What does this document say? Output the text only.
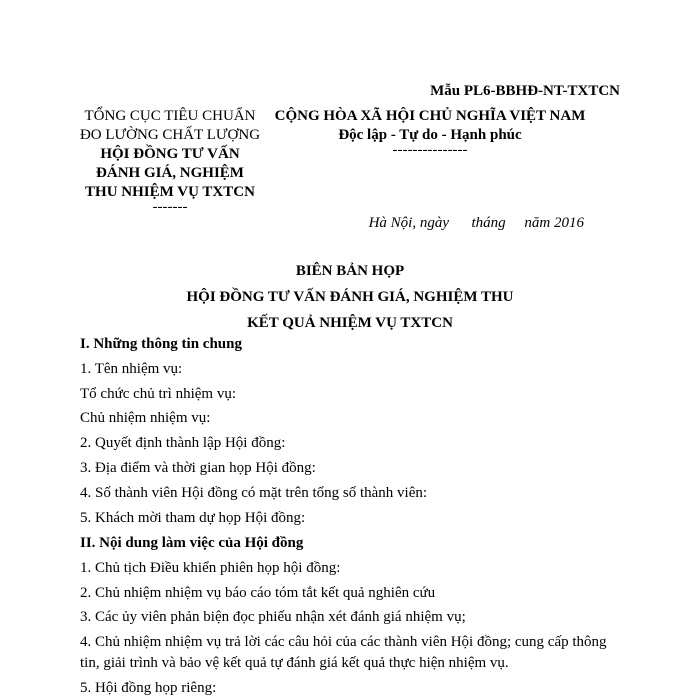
Mẫu PL6-BBHĐ-NT-TXTCN
TỔNG CỤC TIÊU CHUẨN
ĐO LƯỜNG CHẤT LƯỢNG
HỘI ĐỒNG TƯ VẤN
ĐÁNH GIÁ, NGHIỆM
THU NHIỆM VỤ TXTCN
-------
CỘNG HÒA XÃ HỘI CHỦ NGHĨA VIỆT NAM
Độc lập - Tự do - Hạnh phúc
---------------
Hà Nội, ngày      tháng     năm 2016
BIÊN BẢN HỌP
HỘI ĐỒNG TƯ VẤN ĐÁNH GIÁ, NGHIỆM THU
KẾT QUẢ NHIỆM VỤ TXTCN
I. Những thông tin chung
1. Tên nhiệm vụ:
Tổ chức chủ trì nhiệm vụ:
Chủ nhiệm nhiệm vụ:
2. Quyết định thành lập Hội đồng:
3. Địa điểm và thời gian họp Hội đồng:
4. Số thành viên Hội đồng có mặt trên tổng số thành viên:
5. Khách mời tham dự họp Hội đồng:
II. Nội dung làm việc của Hội đồng
1. Chủ tịch Điều khiển phiên họp hội đồng:
2. Chủ nhiệm nhiệm vụ báo cáo tóm tắt kết quả nghiên cứu
3. Các ủy viên phản biện đọc phiếu nhận xét đánh giá nhiệm vụ;
4. Chủ nhiệm nhiệm vụ trả lời các câu hỏi của các thành viên Hội đồng; cung cấp thông
tin, giải trình và bảo vệ kết quả tự đánh giá kết quả thực hiện nhiệm vụ.
5. Hội đồng họp riêng:
